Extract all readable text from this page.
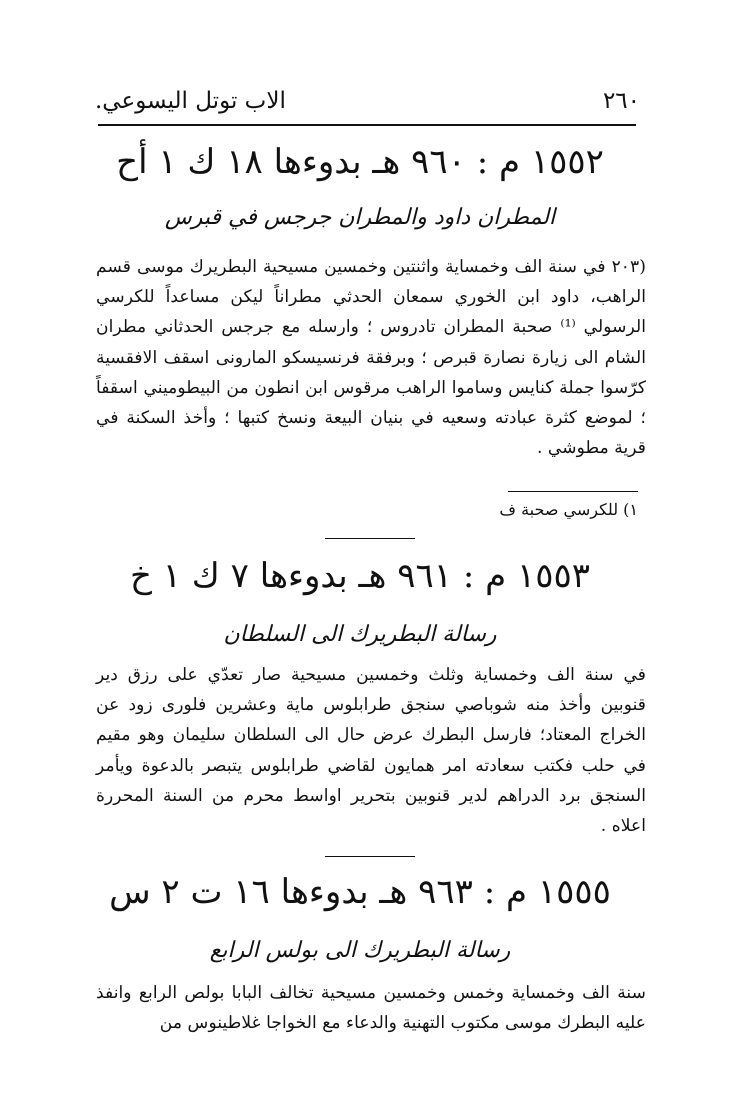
٢٦٠
الاب توتل اليسوعي.
١٥٥٢ م : ٩٦٠ هـ بدوءها ١٨ ك ١ أح
المطران داود والمطران جرجس في قبرس

(٢٠٣ في سنة الف وخمساية واثنتين وخمسين مسيحية البطريرك موسى قسم الراهب، داود ابن الخوري سمعان الحدثي مطراناً ليكن مساعداً للكرسي الرسولي ⁽¹⁾ صحبة المطران تادروس ؛ وارسله مع جرجس الحدثاني مطران الشام الى زيارة نصارة قبرص ؛ وبرفقة فرنسيسكو المارونى اسقف الافقسية كرّسوا جملة كنايس وساموا الراهب مرقوس ابن انطون من البيطوميني اسقفاً ؛ لموضع كثرة عبادته وسعيه في بنيان البيعة ونسخ كتبها ؛ وأخذ السكنة في قرية مطوشي .

١) للكرسي صحبة ف
١٥٥٣ م : ٩٦١ هـ بدوءها ٧ ك ١ خ
رسالة البطريرك الى السلطان

في سنة الف وخمساية وثلث وخمسين مسيحية صار تعدّي على رزق دير قنوبين وأخذ منه شوباصي سنجق طرابلوس ماية وعشرين فلورى زود عن الخراج المعتاد؛ فارسل البطرك عرض حال الى السلطان سليمان وهو مقيم في حلب فكتب سعادته امر همايون لقاضي طرابلوس يتبصر بالدعوة ويأمر السنجق برد الدراهم لدير قنوبين بتحرير اواسط محرم من السنة المحررة اعلاه .

١٥٥٥ م : ٩٦٣ هـ بدوءها ١٦ ت ٢ س
رسالة البطريرك الى بولس الرابع

سنة الف وخمساية وخمس وخمسين مسيحية تخالف البابا بولص الرابع وانفذ عليه البطرك موسى مكتوب التهنية والدعاء مع الخواجا غلاطينوس من
